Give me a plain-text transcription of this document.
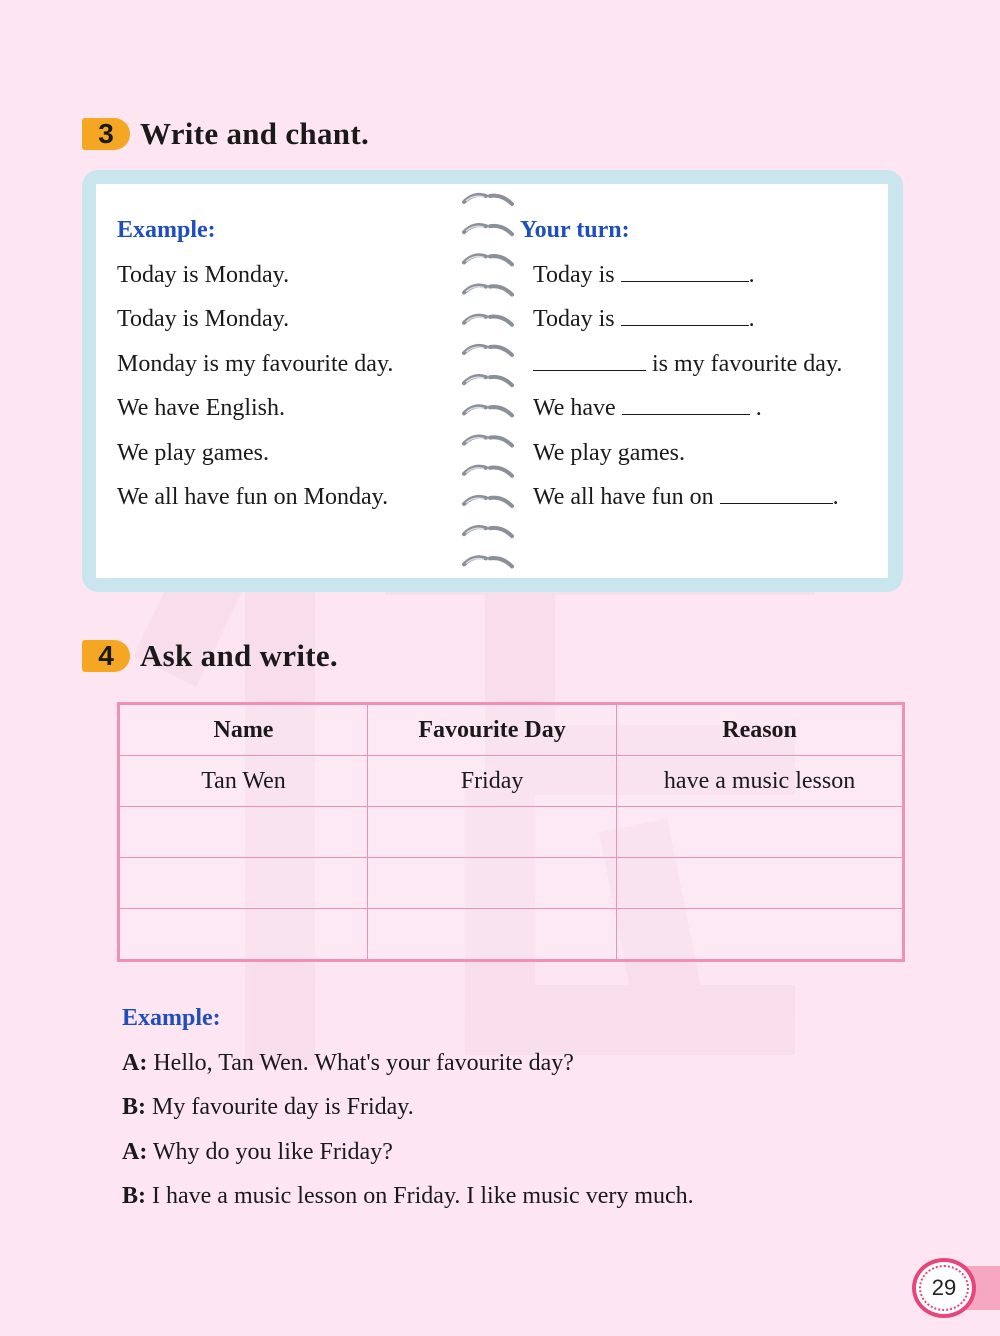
3 Write and chant.
Example:
Today is Monday.
Today is Monday.
Monday is my favourite day.
We have English.
We play games.
We all have fun on Monday.
Your turn:
Today is	.
Today is	.
is my favourite day.
We have	.
We play games.
We all have fun on	.
4 Ask and write.
Name	Favourite Day	Reason
Tan Wen	Friday	have a music lesson

Example:
A: Hello, Tan Wen. What's your favourite day?
B: My favourite day is Friday.
A: Why do you like Friday?
B: I have a music lesson on Friday. I like music very much.
29
